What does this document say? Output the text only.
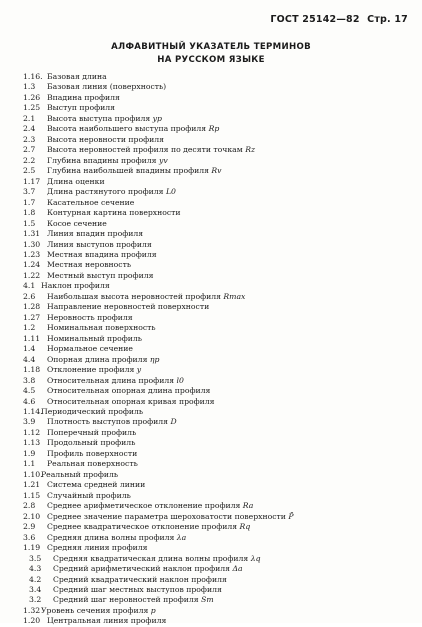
ГОСТ 25142—82 Стр. 17
АЛФАВИТНЫЙ УКАЗАТЕЛЬ ТЕРМИНОВ
НА РУССКОМ ЯЗЫКЕ
1.16. Базовая длина
1.3 Базовая линия (поверхность)
1.26 Впадина профиля
1.25 Выступ профиля
2.1 Высота выступа профиля yp
2.4 Высота наибольшего выступа профиля Rp
2.3 Высота неровности профиля
2.7 Высота неровностей профиля по десяти точкам Rz
2.2 Глубина впадины профиля yv
2.5 Глубина наибольшей впадины профиля Rv
1.17 Длина оценки
3.7 Длина растянутого профиля L0
1.7 Касательное сечение
1.8 Контурная картина поверхности
1.5 Косое сечение
1.31 Линия впадин профиля
1.30 Линия выступов профиля
1.23 Местная впадина профиля
1.24 Местная неровность
1.22 Местный выступ профиля
4.1 Наклон профиля
2.6 Наибольшая высота неровностей профиля Rmax
1.28 Направление неровностей поверхности
1.27 Неровность профиля
1.2 Номинальная поверхность
1.11 Номинальный профиль
1.4 Нормальное сечение
4.4 Опорная длина профиля ηp
1.18 Отклонение профиля y
3.8 Относительная длина профиля l0
4.5 Относительная опорная длина профиля
4.6 Относительная опорная кривая профиля
1.14.
Периодический профиль
3.9 Плотность выступов профиля D
1.12 Поперечный профиль
1.13 Продольный профиль
1.9 Профиль поверхности
1.1 Реальная поверхность
1.10.
Реальный профиль
1.21 Система средней линии
1.15 Случайный профиль
2.8 Среднее арифметическое отклонение профиля Ra
2.10 Среднее значение параметра шероховатости поверхности P̄
2.9 Среднее квадратическое отклонение профиля Rq
3.6 Средняя длина волны профиля λa
1.19 Средняя линия профиля
3.5 Средняя квадратическая длина волны профиля λq
4.3 Средний арифметический наклон профиля Δa
4.2 Средний квадратический наклон профиля
3.4 Средний шаг местных выступов профиля
3.2 Средний шаг неровностей профиля Sm
1.32 Уровень сечения профиля p
1.20 Центральная линия профиля
